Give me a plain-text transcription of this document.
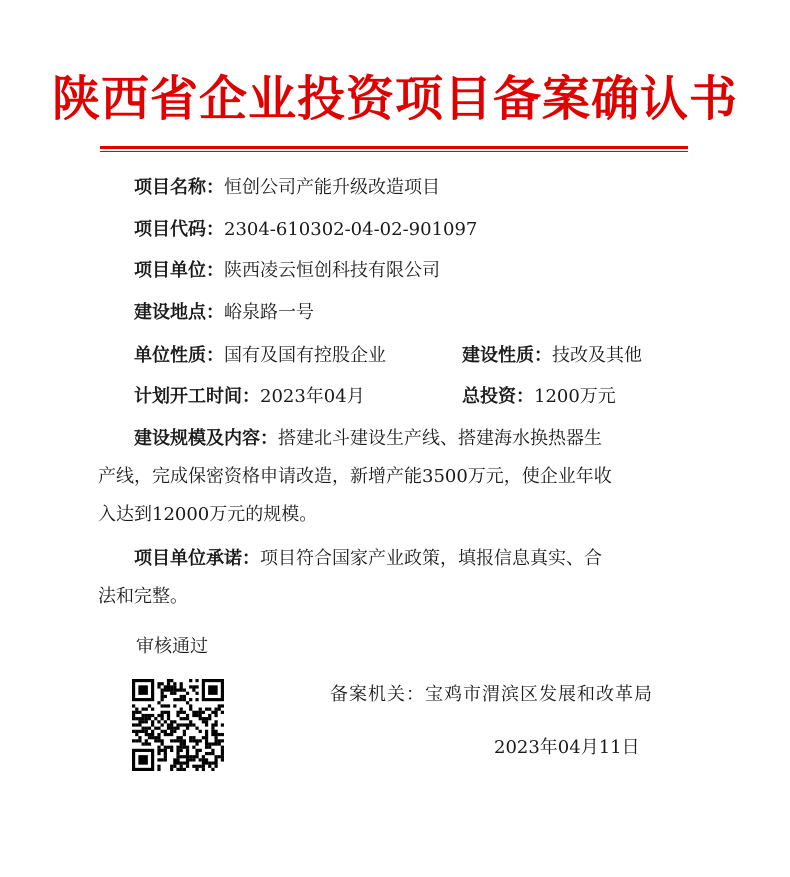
陕西省企业投资项目备案确认书
项目名称：恒创公司产能升级改造项目
项目代码：2304-610302-04-02-901097
项目单位：陕西凌云恒创科技有限公司
建设地点：峪泉路一号
单位性质：国有及国有控股企业	建设性质：技改及其他
计划开工时间：2023年04月	总投资：1200万元
建设规模及内容：搭建北斗建设生产线、搭建海水换热器生
产线，完成保密资格申请改造，新增产能3500万元，使企业年收
入达到12000万元的规模。
项目单位承诺：项目符合国家产业政策，填报信息真实、合
法和完整。
审核通过
备案机关：宝鸡市渭滨区发展和改革局
2023年04月11日
